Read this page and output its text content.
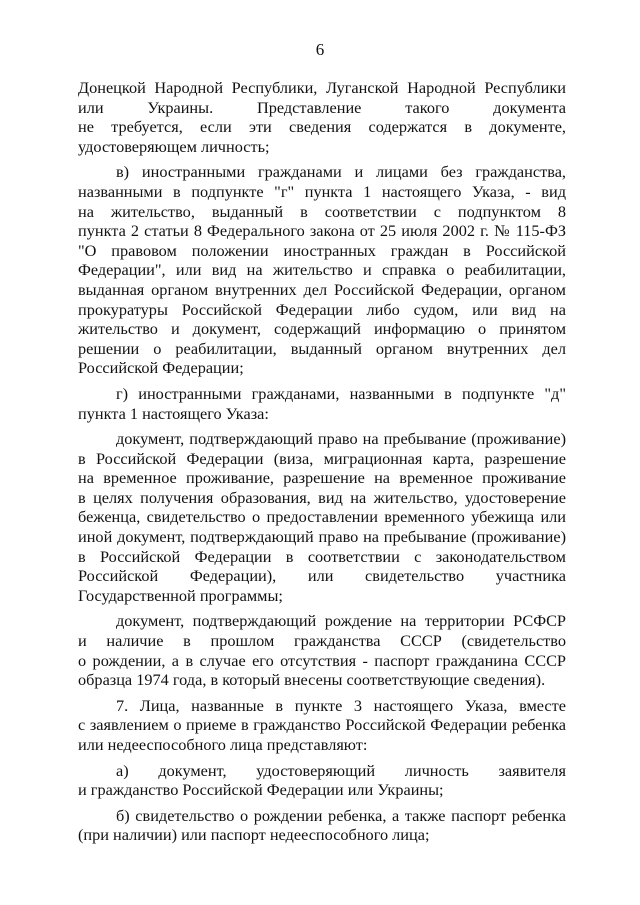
6
Донецкой Народной Республики, Луганской Народной Республики
или Украины. Представление такого документа
не требуется, если эти сведения содержатся в документе,
удостоверяющем личность;
в) иностранными гражданами и лицами без гражданства,
названными в подпункте "г" пункта 1 настоящего Указа, - вид
на жительство, выданный в соответствии с подпунктом 8
пункта 2 статьи 8 Федерального закона от 25 июля 2002 г. № 115-ФЗ
"О правовом положении иностранных граждан в Российской
Федерации", или вид на жительство и справка о реабилитации,
выданная органом внутренних дел Российской Федерации, органом
прокуратуры Российской Федерации либо судом, или вид на
жительство и документ, содержащий информацию о принятом
решении о реабилитации, выданный органом внутренних дел
Российской Федерации;
г) иностранными гражданами, названными в подпункте "д"
пункта 1 настоящего Указа:
документ, подтверждающий право на пребывание (проживание)
в Российской Федерации (виза, миграционная карта, разрешение
на временное проживание, разрешение на временное проживание
в целях получения образования, вид на жительство, удостоверение
беженца, свидетельство о предоставлении временного убежища или
иной документ, подтверждающий право на пребывание (проживание)
в Российской Федерации в соответствии с законодательством
Российской Федерации), или свидетельство участника
Государственной программы;
документ, подтверждающий рождение на территории РСФСР
и наличие в прошлом гражданства СССР (свидетельство
о рождении, а в случае его отсутствия - паспорт гражданина СССР
образца 1974 года, в который внесены соответствующие сведения).
7. Лица, названные в пункте 3 настоящего Указа, вместе
с заявлением о приеме в гражданство Российской Федерации ребенка
или недееспособного лица представляют:
а) документ, удостоверяющий личность заявителя
и гражданство Российской Федерации или Украины;
б) свидетельство о рождении ребенка, а также паспорт ребенка
(при наличии) или паспорт недееспособного лица;
